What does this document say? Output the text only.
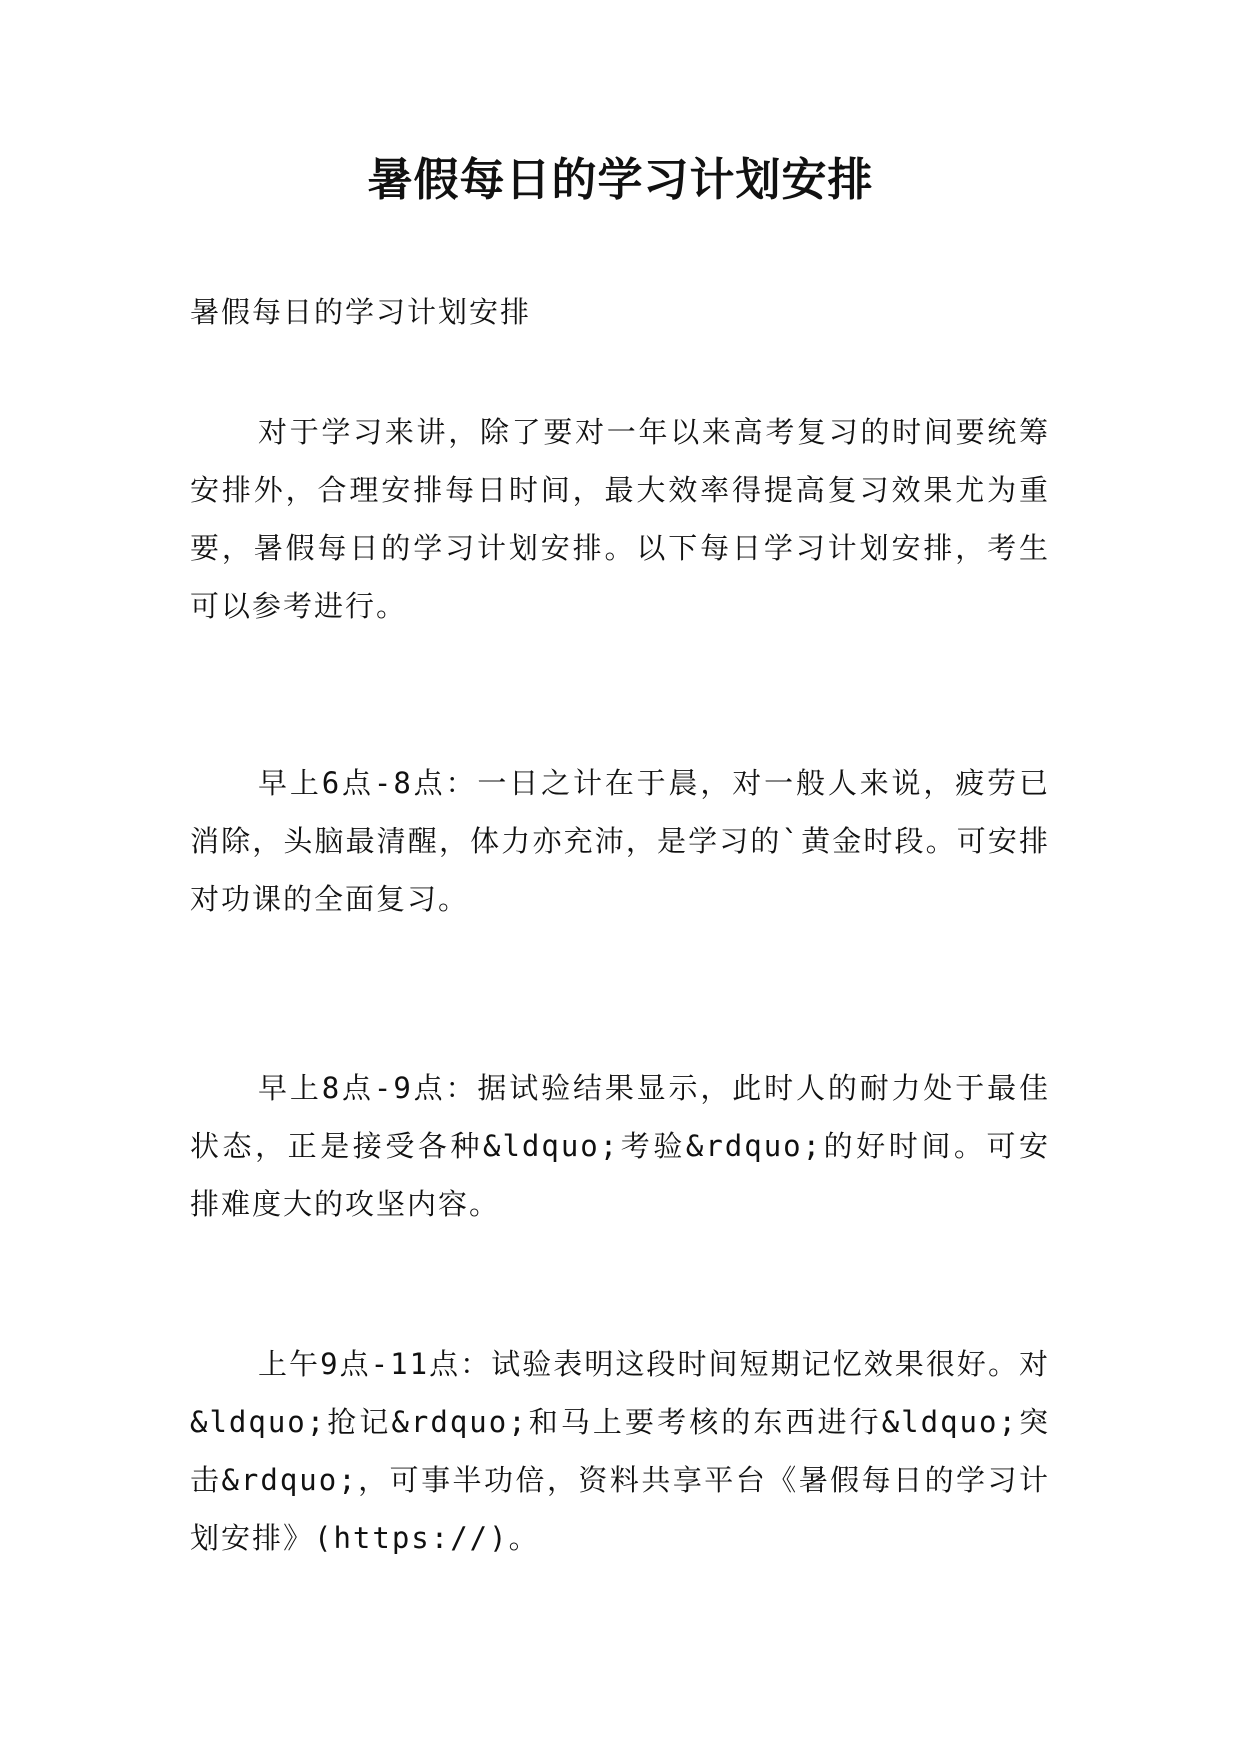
暑假每日的学习计划安排

暑假每日的学习计划安排

对于学习来讲，除了要对一年以来高考复习的时间要统筹安排外，合理安排每日时间，最大效率得提高复习效果尤为重要，暑假每日的学习计划安排。以下每日学习计划安排，考生可以参考进行。

早上6点-8点：一日之计在于晨，对一般人来说，疲劳已消除，头脑最清醒，体力亦充沛，是学习的`黄金时段。可安排对功课的全面复习。

早上8点-9点：据试验结果显示，此时人的耐力处于最佳状态，正是接受各种&ldquo;考验&rdquo;的好时间。可安排难度大的攻坚内容。

上午9点-11点：试验表明这段时间短期记忆效果很好。对&ldquo;抢记&rdquo;和马上要考核的东西进行&ldquo;突击&rdquo;，可事半功倍，资料共享平台《暑假每日的学习计划安排》(https://)。
